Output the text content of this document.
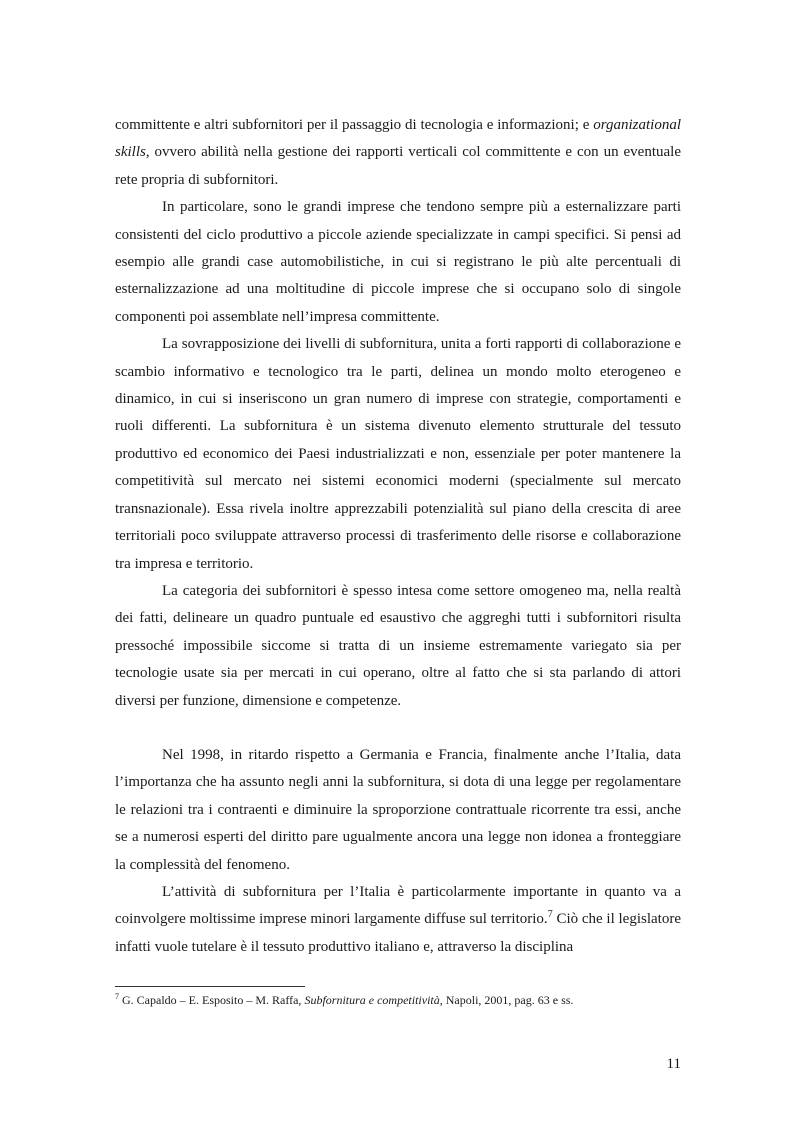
committente e altri subfornitori per il passaggio di tecnologia e informazioni; e organizational skills, ovvero abilità nella gestione dei rapporti verticali col committente e con un eventuale rete propria di subfornitori.

In particolare, sono le grandi imprese che tendono sempre più a esternalizzare parti consistenti del ciclo produttivo a piccole aziende specializzate in campi specifici. Si pensi ad esempio alle grandi case automobilistiche, in cui si registrano le più alte percentuali di esternalizzazione ad una moltitudine di piccole imprese che si occupano solo di singole componenti poi assemblate nell’impresa committente.

La sovrapposizione dei livelli di subfornitura, unita a forti rapporti di collaborazione e scambio informativo e tecnologico tra le parti, delinea un mondo molto eterogeneo e dinamico, in cui si inseriscono un gran numero di imprese con strategie, comportamenti e ruoli differenti. La subfornitura è un sistema divenuto elemento strutturale del tessuto produttivo ed economico dei Paesi industrializzati e non, essenziale per poter mantenere la competitività sul mercato nei sistemi economici moderni (specialmente sul mercato transnazionale). Essa rivela inoltre apprezzabili potenzialità sul piano della crescita di aree territoriali poco sviluppate attraverso processi di trasferimento delle risorse e collaborazione tra impresa e territorio.

La categoria dei subfornitori è spesso intesa come settore omogeneo ma, nella realtà dei fatti, delineare un quadro puntuale ed esaustivo che aggreghi tutti i subfornitori risulta pressoché impossibile siccome si tratta di un insieme estremamente variegato sia per tecnologie usate sia per mercati in cui operano, oltre al fatto che si sta parlando di attori diversi per funzione, dimensione e competenze.

Nel 1998, in ritardo rispetto a Germania e Francia, finalmente anche l’Italia, data l’importanza che ha assunto negli anni la subfornitura, si dota di una legge per regolamentare le relazioni tra i contraenti e diminuire la sproporzione contrattuale ricorrente tra essi, anche se a numerosi esperti del diritto pare ugualmente ancora una legge non idonea a fronteggiare la complessità del fenomeno.

L’attività di subfornitura per l’Italia è particolarmente importante in quanto va a coinvolgere moltissime imprese minori largamente diffuse sul territorio.$^7$ Ciò che il legislatore infatti vuole tutelare è il tessuto produttivo italiano e, attraverso la disciplina

$^7$ G. Capaldo – E. Esposito – M. Raffa, Subfornitura e competitività, Napoli, 2001, pag. 63 e ss.

11
